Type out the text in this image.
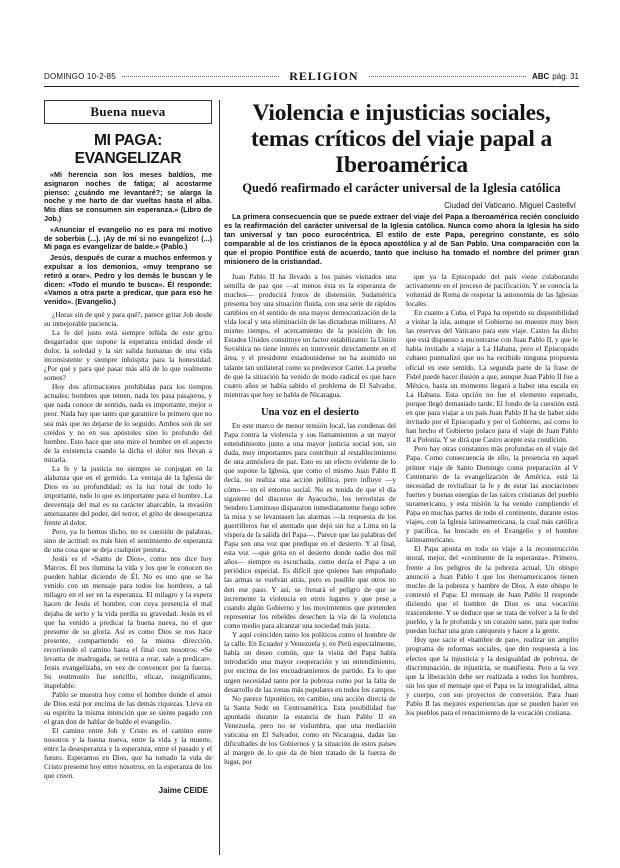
DOMINGO 10-2-85	RELIGION	ABC pág. 31
Buena nueva
MI PAGA: EVANGELIZAR

«Mi herencia son los meses baldíos, me asignaron noches de fatiga; al acostarme pienso: ¿cuándo me levantaré?; se alarga la noche y me harto de dar vueltas hasta el alba. Mis días se consumen sin esperanza.» (Libro de Job.)

«Anunciar el evangelio no es para mí motivo de soberbia (...). ¡Ay de mí si no evangelizo! (...) Mi paga es evangelizar de balde.» (Pablo.)

Jesús, después de curar a muchos enfermos y expulsar a los demonios, «muy temprano se retiró a orar». Pedro y los demás le buscan y le dicen: «Todo el mundo te busca». Él responde: «Vamos a otra parte a predicar, que para eso he venido». (Evangelio.)

¿Horas sin de qué y para qué?, parece gritar Job desde su inmejorable paciencia.

La fe del justo está siempre teñida de este grito desgarrador que supone la esperanza entidad desde el dolor, la soledad y la sin salida humanas de una vida inconsistente y siempre inhóspita para la honestidad. ¿Por qué y para qué pasar más allá de lo que realmente somos?

Hoy dos afirmaciones prohibidas para los tiempos actuales: hombres que temen, nada les pasa pasajeros, y que nada conoce de sentido, nada es importante, mejor o peor. Nada hay que tanto que garantice lo primero que no sea más que no dejarse de lo seguido. Ambos son de ser creídos y no en sus apóstoles sino lo profundo del hombre. Esto hace que uno mire el hombre en el aspecto de la existencia cuando la dicha el dolor nos llevan a mirarla.

La fe y la justicia no siempre se conjugan en la alabanza que en el gemido. La ventaja de la Iglesia de Dios es su profundidad: es la luz total de todo lo importante, todo lo que es importante para el hombre. La desventaja del mal es su carácter abarcable, la invasión amenazante del poder, del terror, el grito de desesperanza frente al dolor.

Pero, ya lo hemos dicho, no es cuestión de palabras, sino de actitud: es más bien el sentimiento de esperanza de una cosa que se deja cualquier postura.

Jesús es el «Santo de Dios», como nos dice hoy Marcos. Él nos ilumina la vida y los que le conocen no pueden hablar diciendo de Él. No es uno que se ha venido con un mensaje para todos los hombres, a tal milagro en el ser en la esperanza. El milagro y la espera hacen de Jesús el hombre, con cuya presencia el mal dejaba de serlo y la vida perdía su gravedad. Jesús es el que ha venido a predicar la buena nueva, no el que presume de su gloria. Así es como Dios se nos hace presente, compartiendo en la misma dirección, recorriendo el camino hasta el final con nosotros: «Se levanta de madrugada, se retira a orar, sale a predicar». Jesús evangelizaba, en vez de convencer por la fuerza. Su testimonio fue sencillo, eficaz, insignificante, inapelable.

Pablo se muestra hoy como el hombre donde el amor de Dios está por encima de las demás riquezas. Lleva en su espíritu la misma intención que se siente pagado con el gran don de hablar de balde el evangelio.

El camino entre Job y Cristo es el camino entre nosotros y la buena nueva, entre la vida y la muerte, entre la desesperanza y la esperanza, entre el pasado y el futuro. Esperamos en Dios, que ha tomado la vida de Cristo presente hoy entre nosotros, en la esperanza de los que creen.

Jaime CEIDE
Violencia e injusticias sociales, temas críticos del viaje papal a Iberoamérica
Quedó reafirmado el carácter universal de la Iglesia católica
Ciudad del Vaticano. Miguel Castellví

La primera consecuencia que se puede extraer del viaje del Papa a Iberoamérica recién concluido es la reafirmación del carácter universal de la Iglesia católica. Nunca como ahora la Iglesia ha sido tan universal y tan poco eurocéntrica. El estilo de este Papa, peregrino constante, es sólo comparable al de los cristianos de la época apostólica y al de San Pablo. Una comparación con la que el propio Pontífice está de acuerdo, tanto que incluso ha tomado el nombre del primer gran misionero de la cristiandad.

Juan Pablo II ha llevado a los países visitados una semilla de paz que —al menos ésta es la esperanza de muchos— producirá frutos de distensión. Sudamérica presenta hoy una situación fluida, con una serie de rápidos cambios en el sentido de una mayor democratización de la vida local y una eliminación de las dictaduras militares. Al mismo tiempo, el acercamiento de la posición de los Estados Unidos constituye un factor estabilizante: la Unión Soviética no tiene interés en intervenir directamente en el área, y el presidente estadounidense no ha asumido un talante tan unilateral como su predecesor Carter. La prueba de que la situación ha venido de modo radical es que hace cuatro años se había sabido el problema de El Salvador, mientras que hoy se habla de Nicaragua.

Una voz en el desierto

En este marco de menor tensión local, las condenas del Papa contra la violencia y sus llamamientos a un mayor entendimiento junto a una mayor justicia social son, sin duda, muy importantes para contribuir al restablecimiento de una atmósfera de paz. Esto es un efecto evidente de lo que supone la Iglesia, que como el mismo Juan Pablo II decía, no realiza una acción política, pero influye —y cómo— en el entorno social. No es tenida de que el día siguiente del discurso de Ayacucho, los terroristas de Sendero Luminoso dispararon inmediatamente fuego sobre la misa y se levantasen las alarmas —la respuesta de los guerrilleros fue el atentado que dejó sin luz a Lima en la víspera de la salida del Papa—. Parece que las palabras del Papa son una voz que predique en el desierto. Y al final, esta voz —que grita en el desierto donde nadie dos mil años— siempre es escuchada, como decía el Papa a un periódico especial. Es difícil que quienes han empuñado las armas se vuelvan atrás, pero es posible que otros no den ese paso. Y así, se frenará el peligro de que se incremente la violencia en otros lugares y que pese a cuando algún Gobierno y los movimientos que pretenden representar los rebeldes desechen la vía de la violencia como medio para alcanzar una sociedad más justa.

Y aquí coinciden tanto los políticos como el hombre de la calle. En Ecuador y Venezuela y, en Perú especialmente, había un deseo común, que la visita del Papa había introducido una mayor cooperación y un entendimiento, por encima de los encuadramientos de partido. Es lo que urgen necesidad tanto por la pobreza como por la falta de desarrollo de las zonas más populares en todos los campos.

No parece hipotético, en cambio, una acción directa de la Santa Sede en Centroamérica. Esta posibilidad fue apuntada durante la estancia de Juan Pablo II en Venezuela, pero no se vislumbra, que una mediación vaticana en El Salvador, como en Nicaragua, dadas las dificultades de los Gobiernos y la situación de estos países al margen de lo que da de bien tratado de la fuerza de lugar, por

que ya la Episcopado del país viene colaborando activamente en el proceso de pacificación. Y se conocía la voluntad de Roma de respetar la autonomía de las Iglesias locales.

En cuanto a Cuba, el Papa ha repetido su disponibilidad a visitar la isla, aunque el Gobierno no muestre muy bien las reservas del Vaticano para este viaje. Castro ha dicho que está dispuesto a encontrarse con Juan Pablo II, y que le había invitado a viajar a La Habana, pero el Episcopado cubano puntualizó que no ha recibido ninguna propuesta oficial en este sentido. La segunda parte de la frase de Fidel puede hacer ilusión a que, aunque Juan Pablo II fue a México, hasta un momento llegará a haber una escala en La Habana. Esta opción no fue el elemento esperado, porque llegó demasiado tarde. El fondo de la cuestión está en que para viajar a un país Juan Pablo II ha de haber sido invitado por el Episcopado y por el Gobierno, así como lo han hecho el Gobierno polaco para el viaje de Juan Pablo II a Polonia. Y se dirá que Castro acepte esta condición.

Pero hay otras constantes más profundas en el viaje del Papa. Como consecuencia de ello, la presencia en aquel primer viaje de Santo Domingo como preparación al V Centenario de la evangelización de América, está la necesidad de revitalizar la fe y de estar las asociaciones fuertes y buenas energías de las raíces cristianas del pueblo suramericano, y esta misión la ha venido cumpliendo el Papa en muchas partes de todo el continente, durante estos viajes, con la Iglesia latinoamericana, la cual más católica y pacífica, ha buscado en el Evangelio y el hombre latinoamericano.

El Papa apunta en todo su viaje a la reconstrucción moral, mejor, del «continente de la esperanza». Primero, frente a los peligros de la pobreza actual. Un obispo anunció a Juan Pablo I que los iberoamericanos tienen mucho de la pobreza y hambre de Dios. A este obispo le contestó el Papa: El mensaje de Juan Pablo II responde diciendo que el hombre de Dios es una vocación trascendente. Y se deduce que se trata de volver a la fe del pueblo, y la fe profunda y un corazón sano, para que todos puedan luchar una gran catequesis y hacer a la gente.

Hoy que sacie el «hambre de pan», realizar un amplio programa de reformas sociales, que den respuesta a los efectos que la injusticia y la desigualdad de pobreza, de discriminación, de injusticia, se manifiesta. Pero a la vez que la liberación debe ser realizada a todos los hombres, sin los que el mensaje que el Papa es la integralidad, alma y cuerpo, con sus proyectos de conversión. Para Juan Pablo II las mejores experiencias que se pueden hacer en los pueblos para el renacimiento de la vocación cristiana.
